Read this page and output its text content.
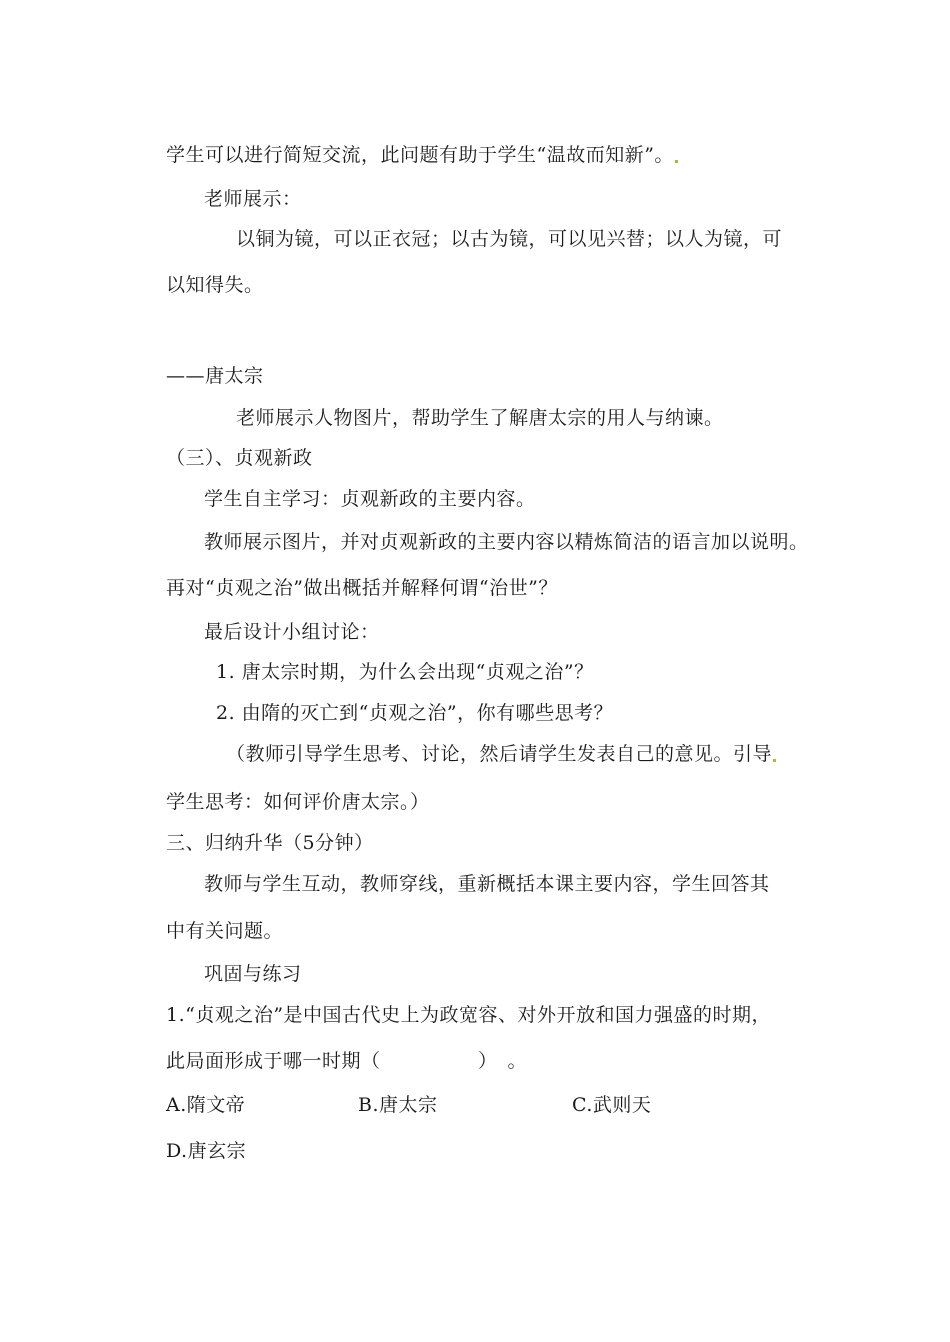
学生可以进行简短交流，此问题有助于学生“温故而知新”。
老师展示：
以铜为镜，可以正衣冠；以古为镜，可以见兴替；以人为镜，可
以知得失。
——唐太宗
老师展示人物图片，帮助学生了解唐太宗的用人与纳谏。
（三）、贞观新政
学生自主学习：贞观新政的主要内容。
教师展示图片，并对贞观新政的主要内容以精炼简洁的语言加以说明。
再对“贞观之治”做出概括并解释何谓“治世”？
最后设计小组讨论：
1. 唐太宗时期，为什么会出现“贞观之治”？
2. 由隋的灭亡到“贞观之治”，你有哪些思考？
（教师引导学生思考、讨论，然后请学生发表自己的意见。引导
学生思考：如何评价唐太宗。）
三、归纳升华（5分钟）
教师与学生互动，教师穿线，重新概括本课主要内容，学生回答其
中有关问题。
巩固与练习
1.“贞观之治”是中国古代史上为政宽容、对外开放和国力强盛的时期，
此局面形成于哪一时期（　　　　　）　。
A.隋文帝	B.唐太宗	C.武则天
D.唐玄宗
